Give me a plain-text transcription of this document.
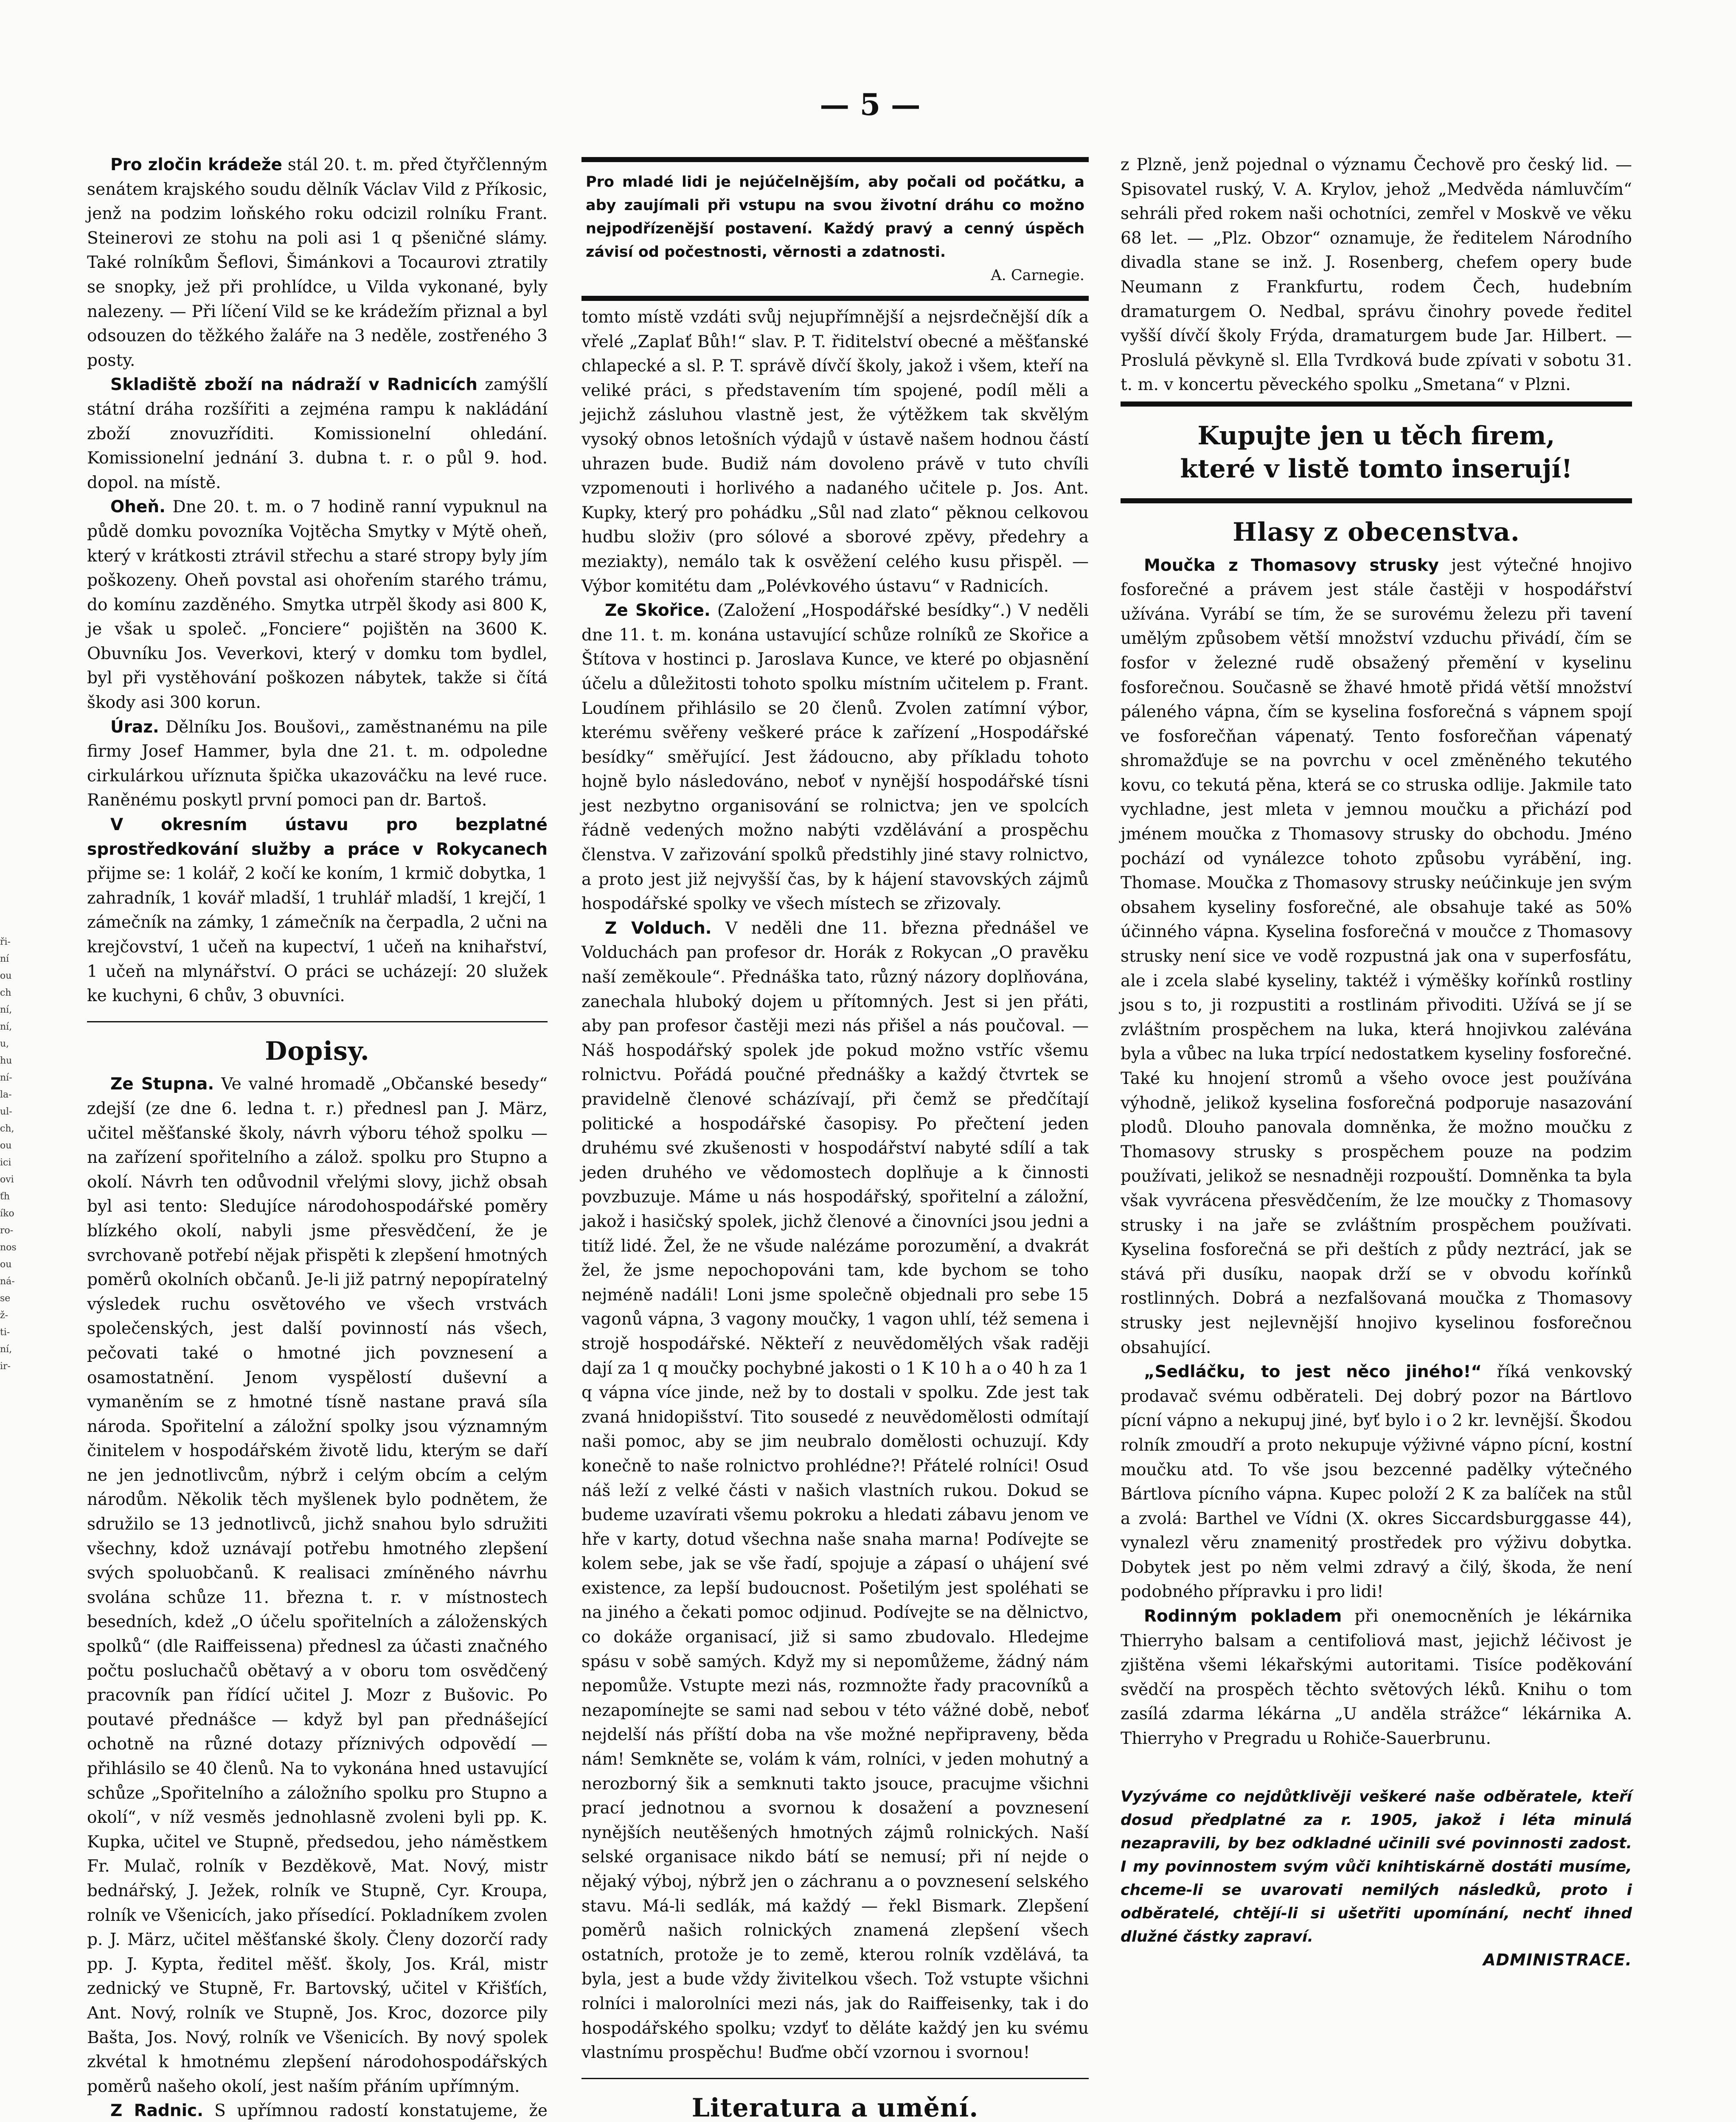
— 5 —
ři-
ní
ou
ch
ní,
ní,
u,
hu
ní-
la-
ul-
ch,
ou
ici
ovi
ťh
íko
ro-
nos
ou
ná-
se
ž-
ti-
ní,
ir-

Pro zločin krádeže stál 20. t. m. před čtyřčlenným senátem krajského soudu dělník Václav Vild z Příkosic, jenž na podzim loňského roku odcizil rolníku Frant. Steinerovi ze stohu na poli asi 1 q pšeničné slámy. Také rolníkům Šeflovi, Šimánkovi a Tocaurovi ztratily se snopky, jež při prohlídce, u Vilda vykonané, byly nalezeny. — Při líčení Vild se ke krádežím přiznal a byl odsouzen do těžkého žaláře na 3 neděle, zostřeného 3 posty.

Skladiště zboží na nádraží v Radnicích zamýšlí státní dráha rozšířiti a zejména rampu k nakládání zboží znovuzříditi. Komissionelní ohledání. Komissionelní jednání 3. dubna t. r. o půl 9. hod. dopol. na místě.

Oheň. Dne 20. t. m. o 7 hodině ranní vypuknul na půdě domku povozníka Vojtěcha Smytky v Mýtě oheň, který v krátkosti ztrávil střechu a staré stropy byly jím poškozeny. Oheň povstal asi ohořením starého trámu, do komínu zazděného. Smytka utrpěl škody asi 800 K, je však u společ. „Fonciere“ pojištěn na 3600 K. Obuvníku Jos. Veverkovi, který v domku tom bydlel, byl při vystěhování poškozen nábytek, takže si čítá škody asi 300 korun.

Úraz. Dělníku Jos. Boušovi,, zaměstnanému na pile firmy Josef Hammer, byla dne 21. t. m. odpoledne cirkulárkou uříznuta špička ukazováčku na levé ruce. Raněnému poskytl první pomoci pan dr. Bartoš.

V okresním ústavu pro bezplatné sprostředkování služby a práce v Rokycanech přijme se: 1 kolář, 2 kočí ke koním, 1 krmič dobytka, 1 zahradník, 1 kovář mladší, 1 truhlář mladší, 1 krejčí, 1 zámečník na zámky, 1 zámečník na čerpadla, 2 učni na krejčovství, 1 učeň na kupectví, 1 učeň na knihařství, 1 učeň na mlynářství. O práci se ucházejí: 20 služek ke kuchyni, 6 chův, 3 obuvníci.

Dopisy.

Ze Stupna. Ve valné hromadě „Občanské besedy“ zdejší (ze dne 6. ledna t. r.) přednesl pan J. März, učitel měšťanské školy, návrh výboru téhož spolku — na zařízení spořitelního a zálož. spolku pro Stupno a okolí. Návrh ten odůvodnil vřelými slovy, jichž obsah byl asi tento: Sledujíce národohospodářské poměry blízkého okolí, nabyli jsme přesvědčení, že je svrchovaně potřebí nějak přispěti k zlepšení hmotných poměrů okolních občanů. Je-li již patrný nepopíratelný výsledek ruchu osvětového ve všech vrstvách společenských, jest další povinností nás všech, pečovati také o hmotné jich povznesení a osamostatnění. Jenom vyspělostí duševní a vymaněním se z hmotné tísně nastane pravá síla národa. Spořitelní a záložní spolky jsou významným činitelem v hospodářském životě lidu, kterým se daří ne jen jednotlivcům, nýbrž i celým obcím a celým národům. Několik těch myšlenek bylo podnětem, že sdružilo se 13 jednotlivců, jichž snahou bylo sdružiti všechny, kdož uznávají potřebu hmotného zlepšení svých spoluobčanů. K realisaci zmíněného návrhu svolána schůze 11. března t. r. v místnostech besedních, kdež „O účelu spořitelních a záloženských spolků“ (dle Raiffeissena) přednesl za účasti značného počtu posluchačů obětavý a v oboru tom osvědčený pracovník pan řídící učitel J. Mozr z Bušovic. Po poutavé přednášce — když byl pan přednášející ochotně na různé dotazy příznivých odpovědí — přihlásilo se 40 členů. Na to vykonána hned ustavující schůze „Spořitelního a záložního spolku pro Stupno a okolí“, v níž vesměs jednohlasně zvoleni byli pp. K. Kupka, učitel ve Stupně, předsedou, jeho náměstkem Fr. Mulač, rolník v Bezděkově, Mat. Nový, mistr bednářský, J. Ježek, rolník ve Stupně, Cyr. Kroupa, rolník ve Všenicích, jako přísedící. Pokladníkem zvolen p. J. März, učitel měšťanské školy. Členy dozorčí rady pp. J. Kypta, ředitel měšť. školy, Jos. Král, mistr zednický ve Stupně, Fr. Bartovský, učitel v Křišťích, Ant. Nový, rolník ve Stupně, Jos. Kroc, dozorce pily Bašta, Jos. Nový, rolník ve Všenicích. By nový spolek zkvétal k hmotnému zlepšení národohospodářských poměrů našeho okolí, jest naším přáním upřímným.

Z Radnic. S upřímnou radostí konstatujeme, že

Pro mladé lidi je nejúčelnějším, aby počali od počátku, a aby zaujímali při vstupu na svou životní dráhu co možno nejpodřízenější postavení. Každý pravý a cenný úspěch závisí od počestnosti, věrnosti a zdatnosti.
A. Carnegie.

tomto místě vzdáti svůj nejupřímnější a nejsrdečnější dík a vřelé „Zaplať Bůh!“ slav. P. T. řiditelství obecné a měšťanské chlapecké a sl. P. T. správě dívčí školy, jakož i všem, kteří na veliké práci, s představením tím spojené, podíl měli a jejichž zásluhou vlastně jest, že výtěžkem tak skvělým vysoký obnos letošních výdajů v ústavě našem hodnou částí uhrazen bude. Budiž nám dovoleno právě v tuto chvíli vzpomenouti i horlivého a nadaného učitele p. Jos. Ant. Kupky, který pro pohádku „Sůl nad zlato“ pěknou celkovou hudbu složiv (pro sólové a sborové zpěvy, předehry a meziakty), nemálo tak k osvěžení celého kusu přispěl. — Výbor komitétu dam „Polévkového ústavu“ v Radnicích.

Ze Skořice. (Založení „Hospodářské besídky“.) V neděli dne 11. t. m. konána ustavující schůze rolníků ze Skořice a Štítova v hostinci p. Jaroslava Kunce, ve které po objasnění účelu a důležitosti tohoto spolku místním učitelem p. Frant. Loudínem přihlásilo se 20 členů. Zvolen zatímní výbor, kterému svěřeny veškeré práce k zařízení „Hospodářské besídky“ směřující. Jest žádoucno, aby příkladu tohoto hojně bylo následováno, neboť v nynější hospodářské tísni jest nezbytno organisování se rolnictva; jen ve spolcích řádně vedených možno nabýti vzdělávání a prospěchu členstva. V zařizování spolků předstihly jiné stavy rolnictvo, a proto jest již nejvyšší čas, by k hájení stavovských zájmů hospodářské spolky ve všech místech se zřizovaly.

Z Volduch. V neděli dne 11. března přednášel ve Volduchách pan profesor dr. Horák z Rokycan „O pravěku naší zeměkoule“. Přednáška tato, různý názory doplňována, zanechala hluboký dojem u přítomných. Jest si jen přáti, aby pan profesor častěji mezi nás přišel a nás poučoval. — Náš hospodářský spolek jde pokud možno vstříc všemu rolnictvu. Pořádá poučné přednášky a každý čtvrtek se pravidelně členové scházívají, při čemž se předčítají politické a hospodářské časopisy. Po přečtení jeden druhému své zkušenosti v hospodářství nabyté sdílí a tak jeden druhého ve vědomostech doplňuje a k činnosti povzbuzuje. Máme u nás hospodářský, spořitelní a záložní, jakož i hasičský spolek, jichž členové a činovníci jsou jedni a titíž lidé. Žel, že ne všude nalézáme porozumění, a dvakrát žel, že jsme nepochopováni tam, kde bychom se toho nejméně nadáli! Loni jsme společně objednali pro sebe 15 vagonů vápna, 3 vagony moučky, 1 vagon uhlí, též semena i strojě hospodářské. Někteří z neuvědomělých však raději dají za 1 q moučky pochybné jakosti o 1 K 10 h a o 40 h za 1 q vápna více jinde, než by to dostali v spolku. Zde jest tak zvaná hnidopišství. Tito sousedé z neuvědomělosti odmítají naši pomoc, aby se jim neubralo domělosti ochuzují. Kdy konečně to naše rolnictvo prohlédne?! Přátelé rolníci! Osud náš leží z velké části v našich vlastních rukou. Dokud se budeme uzavírati všemu pokroku a hledati zábavu jenom ve hře v karty, dotud všechna naše snaha marna! Podívejte se kolem sebe, jak se vše řadí, spojuje a zápasí o uhájení své existence, za lepší budoucnost. Pošetilým jest spoléhati se na jiného a čekati pomoc odjinud. Podívejte se na dělnictvo, co dokáže organisací, již si samo zbudovalo. Hledejme spásu v sobě samých. Když my si nepomůžeme, žádný nám nepomůže. Vstupte mezi nás, rozmnožte řady pracovníků a nezapomínejte se sami nad sebou v této vážné době, neboť nejdelší nás příští doba na vše možné nepřipraveny, běda nám! Semkněte se, volám k vám, rolníci, v jeden mohutný a nerozborný šik a semknuti takto jsouce, pracujme všichni prací jednotnou a svornou k dosažení a povznesení nynějších neutěšených hmotných zájmů rolnických. Naší selské organisace nikdo bátí se nemusí; při ní nejde o nějaký výboj, nýbrž jen o záchranu a o povznesení selského stavu. Má-li sedlák, má každý — řekl Bismark. Zlepšení poměrů našich rolnických znamená zlepšení všech ostatních, protože je to země, kterou rolník vzdělává, ta byla, jest a bude vždy živitelkou všech. Tož vstupte všichni rolníci i malorolníci mezi nás, jak do Raiffeisenky, tak i do hospodářského spolku; vzdyť to děláte každý jen ku svému vlastnímu prospěchu! Buďme občí vzornou i svornou!

Literatura a umění.

z Plzně, jenž pojednal o významu Čechově pro český lid. — Spisovatel ruský, V. A. Krylov, jehož „Medvěda námluvčím“ sehráli před rokem naši ochotníci, zemřel v Moskvě ve věku 68 let. — „Plz. Obzor“ oznamuje, že ředitelem Národního divadla stane se inž. J. Rosenberg, chefem opery bude Neumann z Frankfurtu, rodem Čech, hudebním dramaturgem O. Nedbal, správu činohry povede ředitel vyšší dívčí školy Frýda, dramaturgem bude Jar. Hilbert. — Proslulá pěvkyně sl. Ella Tvrdková bude zpívati v sobotu 31. t. m. v koncertu pěveckého spolku „Smetana“ v Plzni.

Kupujte jen u těch firem,
které v listě tomto inserují!
Hlasy z obecenstva.

Moučka z Thomasovy strusky jest výtečné hnojivo fosforečné a právem jest stále častěji v hospodářství užívána. Vyrábí se tím, že se surovému železu při tavení umělým způsobem větší množství vzduchu přivádí, čím se fosfor v železné rudě obsažený přemění v kyselinu fosforečnou. Současně se žhavé hmotě přidá větší množství páleného vápna, čím se kyselina fosforečná s vápnem spojí ve fosforečňan vápenatý. Tento fosforečňan vápenatý shromažďuje se na povrchu v ocel změněného tekutého kovu, co tekutá pěna, která se co struska odlije. Jakmile tato vychladne, jest mleta v jemnou moučku a přichází pod jménem moučka z Thomasovy strusky do obchodu. Jméno pochází od vynálezce tohoto způsobu vyrábění, ing. Thomase. Moučka z Thomasovy strusky neúčinkuje jen svým obsahem kyseliny fosforečné, ale obsahuje také as 50% účinného vápna. Kyselina fosforečná v moučce z Thomasovy strusky není sice ve vodě rozpustná jak ona v superfosfátu, ale i zcela slabé kyseliny, taktéž i výměšky kořínků rostliny jsou s to, ji rozpustiti a rostlinám přivoditi. Užívá se jí se zvláštním prospěchem na luka, která hnojivkou zalévána byla a vůbec na luka trpící nedostatkem kyseliny fosforečné. Také ku hnojení stromů a všeho ovoce jest používána výhodně, jelikož kyselina fosforečná podporuje nasazování plodů. Dlouho panovala domněnka, že možno moučku z Thomasovy strusky s prospěchem pouze na podzim používati, jelikož se nesnadněji rozpouští. Domněnka ta byla však vyvrácena přesvědčením, že lze moučky z Thomasovy strusky i na jaře se zvláštním prospěchem používati. Kyselina fosforečná se při deštích z půdy neztrácí, jak se stává při dusíku, naopak drží se v obvodu kořínků rostlinných. Dobrá a nezfalšovaná moučka z Thomasovy strusky jest nejlevnější hnojivo kyselinou fosforečnou obsahující.

„Sedláčku, to jest něco jiného!“ říká venkovský prodavač svému odběrateli. Dej dobrý pozor na Bártlovo pícní vápno a nekupuj jiné, byť bylo i o 2 kr. levnější. Škodou rolník zmoudří a proto nekupuje výživné vápno pícní, kostní moučku atd. To vše jsou bezcenné padělky výtečného Bártlova pícního vápna. Kupec položí 2 K za balíček na stůl a zvolá: Barthel ve Vídni (X. okres Siccardsburggasse 44), vynalezl věru znamenitý prostředek pro výživu dobytka. Dobytek jest po něm velmi zdravý a čilý, škoda, že není podobného přípravku i pro lidi!

Rodinným pokladem při onemocněních je lékárnika Thierryho balsam a centifoliová mast, jejichž léčivost je zjištěna všemi lékařskými autoritami. Tisíce poděkování svědčí na prospěch těchto světových léků. Knihu o tom zasílá zdarma lékárna „U anděla strážce“ lékárnika A. Thierryho v Pregradu u Rohiče-Sauerbrunu.

Vyzýváme co nejdůtklivěji veškeré naše odběratele, kteří dosud předplatné za r. 1905, jakož i léta minulá nezapravili, by bez odkladné učinili své povinnosti zadost. I my povinnostem svým vůči knihtiskárně dostáti musíme, chceme-li se uvarovati nemilých následků, proto i odběratelé, chtějí-li si ušetřiti upomínání, nechť ihned dlužné částky zapraví.
ADMINISTRACE.
